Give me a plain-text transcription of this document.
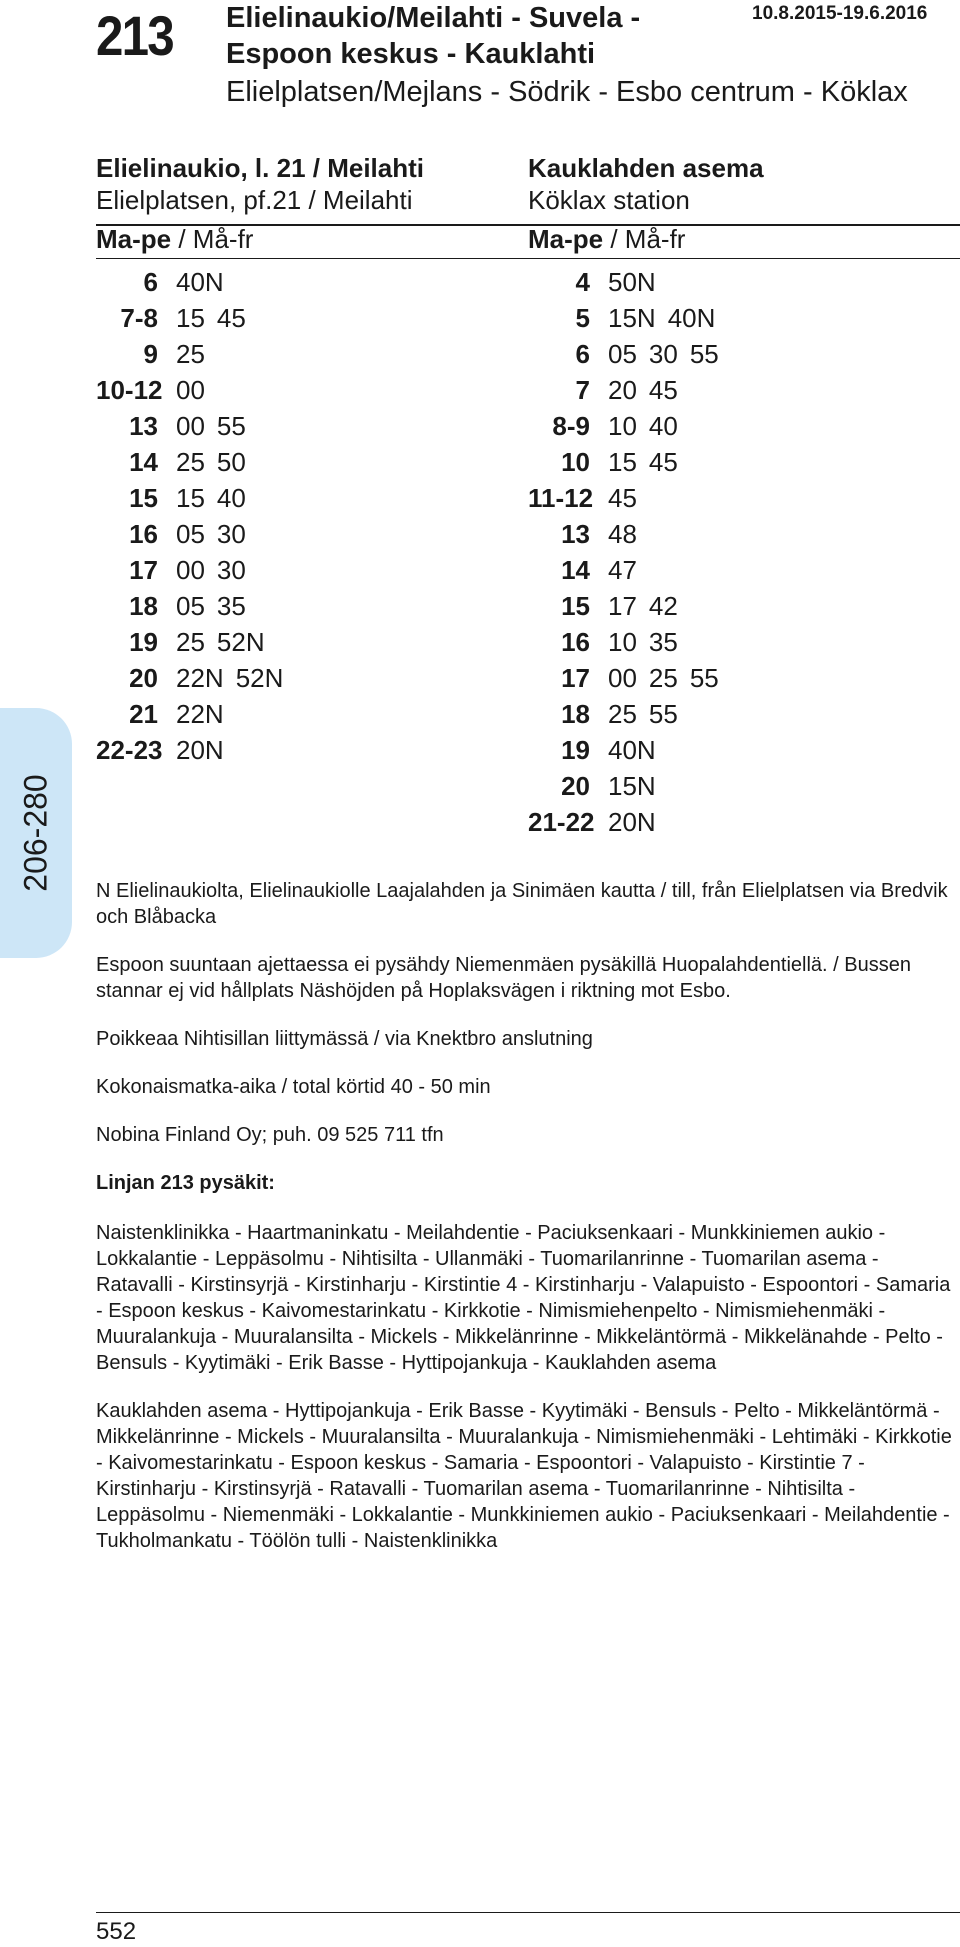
213 Elielinaukio/Meilahti - Suvela - Espoon keskus - Kauklahti
Elielplatsen/Mejlans - Södrik - Esbo centrum - Köklax
10.8.2015-19.6.2016
Elielinaukio, l. 21 / Meilahti
Elielplatsen, pf.21 / Meilahti
Kauklahden asema
Köklax station
Ma-pe / Må-fr	Ma-pe / Må-fr
6 40N
7-8 15 45
9 25
10-12 00
13 00 55
14 25 50
15 15 40
16 05 30
17 00 30
18 05 35
19 25 52N
20 22N 52N
21 22N
22-23 20N
4 50N
5 15N 40N
6 05 30 55
7 20 45
8-9 10 40
10 15 45
11-12 45
13 48
14 47
15 17 42
16 10 35
17 00 25 55
18 25 55
19 40N
20 15N
21-22 20N
206-280 N Elielinaukiolta, Elielinaukiolle Laajalahden ja Sinimäen kautta / till, från Elielplatsen via Bredvik och Blåbacka

Espoon suuntaan ajettaessa ei pysähdy Niemenmäen pysäkillä Huopalahdentiellä. / Bussen stannar ej vid hållplats Näshöjden på Hoplaksvägen i riktning mot Esbo.

Poikkeaa Nihtisillan liittymässä / via Knektbro anslutning

Kokonaismatka-aika / total körtid 40 - 50 min

Nobina Finland Oy; puh. 09 525 711 tfn

Linjan 213 pysäkit:

Naistenklinikka - Haartmaninkatu - Meilahdentie - Paciuksenkaari - Munkkiniemen aukio - Lokkalantie - Leppäsolmu - Nihtisilta - Ullanmäki - Tuomarilanrinne - Tuomarilan asema - Ratavalli - Kirstinsyrjä - Kirstinharju - Kirstintie 4 - Kirstinharju - Valapuisto - Espoontori - Samaria - Espoon keskus - Kaivomestarinkatu - Kirkkotie - Nimismiehenpelto - Nimismiehenmäki - Muuralankuja - Muuralansilta - Mickels - Mikkelänrinne - Mikkeläntörmä - Mikkelänahde - Pelto - Bensuls - Kyytimäki - Erik Basse - Hyttipojankuja - Kauklahden asema

Kauklahden asema - Hyttipojankuja - Erik Basse - Kyytimäki - Bensuls - Pelto - Mikkeläntörmä - Mikkelänrinne - Mickels - Muuralansilta - Muuralankuja - Nimismiehenmäki - Lehtimäki - Kirkkotie - Kaivomestarinkatu - Espoon keskus - Samaria - Espoontori - Valapuisto - Kirstintie 7 - Kirstinharju - Kirstinsyrjä - Ratavalli - Tuomarilan asema - Tuomarilanrinne - Nihtisilta - Leppäsolmu - Niemenmäki - Lokkalantie - Munkkiniemen aukio - Paciuksenkaari - Meilahdentie - Tukholmankatu - Töölön tulli - Naistenklinikka

552
